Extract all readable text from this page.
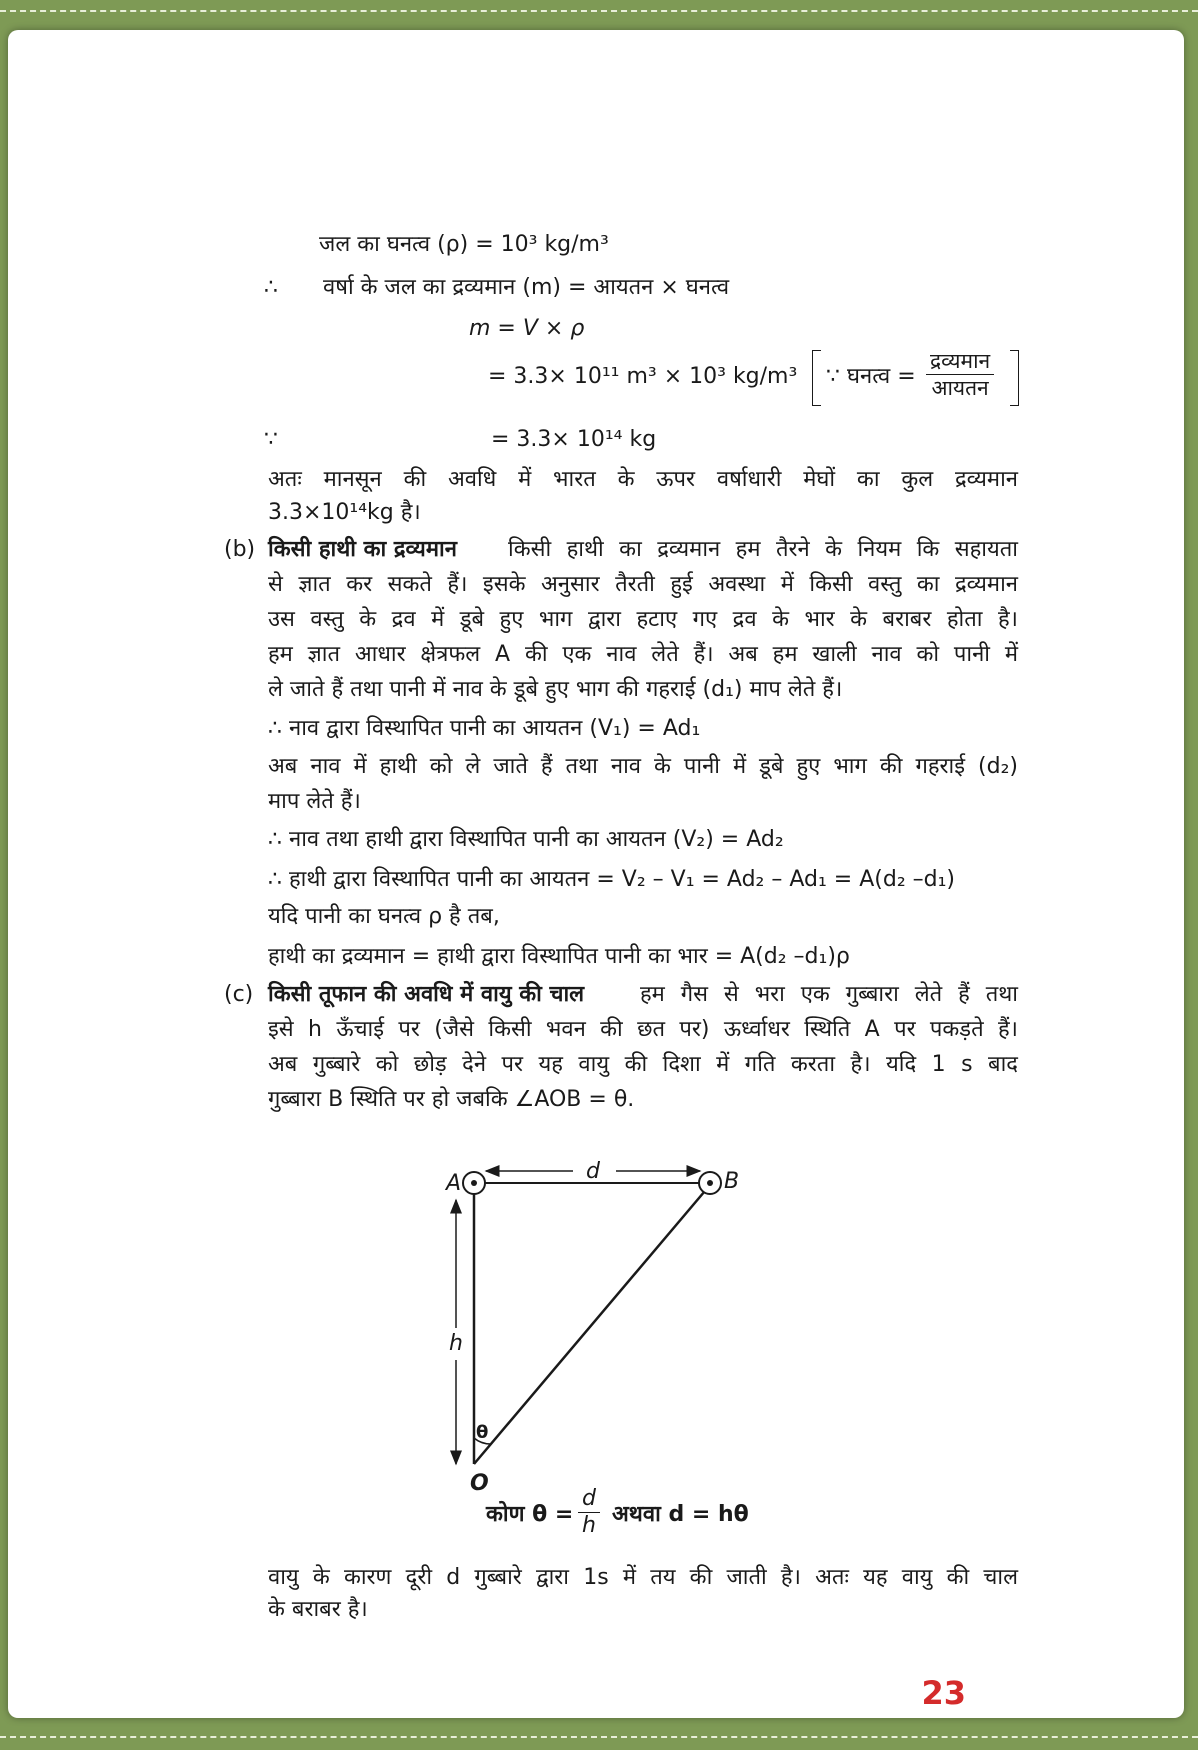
जल का घनत्व (ρ) = 10³ kg/m³
∴ वर्षा के जल का द्रव्यमान (m) = आयतन × घनत्व
m = V × ρ
= 3.3× 10¹¹ m³ × 10³ kg/m³ ∵ घनत्व =
द्रव्यमान
आयतन
∵	= 3.3× 10¹⁴ kg
अतः मानसून की अवधि में भारत के ऊपर वर्षाधारी मेघों का कुल द्रव्यमान
3.3×10¹⁴kg है।
(b) किसी हाथी का द्रव्यमान किसी हाथी का द्रव्यमान हम तैरने के नियम कि सहायता
से ज्ञात कर सकते हैं। इसके अनुसार तैरती हुई अवस्था में किसी वस्तु का द्रव्यमान
उस वस्तु के द्रव में डूबे हुए भाग द्वारा हटाए गए द्रव के भार के बराबर होता है।
हम ज्ञात आधार क्षेत्रफल A की एक नाव लेते हैं। अब हम खाली नाव को पानी में
ले जाते हैं तथा पानी में नाव के डूबे हुए भाग की गहराई (d₁) माप लेते हैं।
∴ नाव द्वारा विस्थापित पानी का आयतन (V₁) = Ad₁
अब नाव में हाथी को ले जाते हैं तथा नाव के पानी में डूबे हुए भाग की गहराई (d₂)
माप लेते हैं।
∴ नाव तथा हाथी द्वारा विस्थापित पानी का आयतन (V₂) = Ad₂
∴ हाथी द्वारा विस्थापित पानी का आयतन = V₂ – V₁ = Ad₂ – Ad₁ = A(d₂ –d₁)
यदि पानी का घनत्व ρ है तब,
हाथी का द्रव्यमान = हाथी द्वारा विस्थापित पानी का भार = A(d₂ –d₁)ρ
(c) किसी तूफान की अवधि में वायु की चाल	हम गैस से भरा एक गुब्बारा लेते हैं तथा
इसे h ऊँचाई पर (जैसे किसी भवन की छत पर) ऊर्ध्वाधर स्थिति A पर पकड़ते हैं।
अब गुब्बारे को छोड़ देने पर यह वायु की दिशा में गति करता है। यदि 1 s बाद
गुब्बारा B स्थिति पर हो जबकि ∠AOB = θ.
A	B
O
d
h
θ
कोण $\theta = \frac{d}{h}$ अथवा d = hθ
वायु के कारण दूरी d गुब्बारे द्वारा 1s में तय की जाती है। अतः यह वायु की चाल
के बराबर है।
23
